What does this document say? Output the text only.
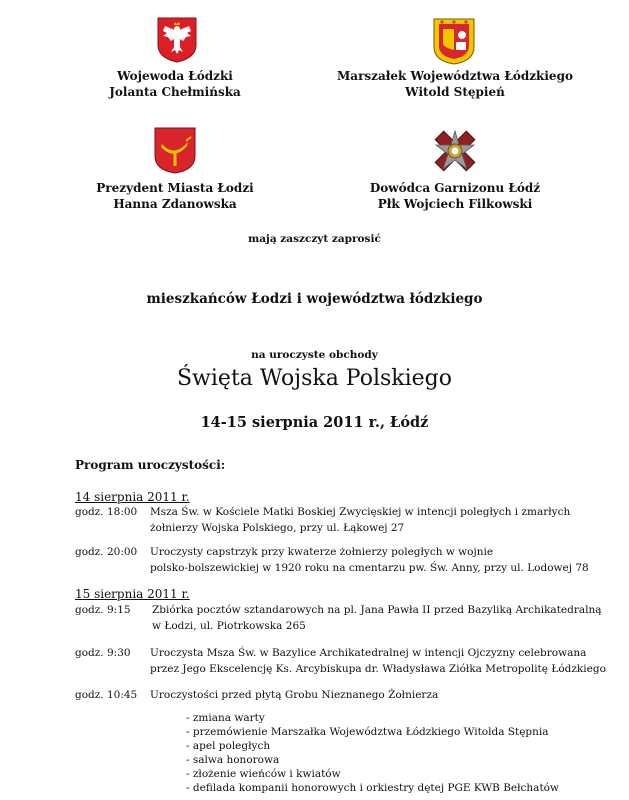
Wojewoda Łódzki
Jolanta Chełmińska
Marszałek Województwa Łódzkiego
Witold Stępień
Prezydent Miasta Łodzi
Hanna Zdanowska
Dowódca Garnizonu Łódź
Płk Wojciech Filkowski
mają zaszczyt zaprosić
mieszkańców Łodzi i województwa łódzkiego
na uroczyste obchody
Święta Wojska Polskiego
14-15 sierpnia 2011 r., Łódź
Program uroczystości:
14 sierpnia 2011 r.
godz. 18:00 Msza Św. w Kościele Matki Boskiej Zwycięskiej w intencji poległych i zmarłych
żołnierzy Wojska Polskiego, przy ul. Łąkowej 27
godz. 20:00 Uroczysty capstrzyk przy kwaterze żołnierzy poległych w wojnie
polsko-bolszewickiej w 1920 roku na cmentarzu pw. Św. Anny, przy ul. Lodowej 78
15 sierpnia 2011 r.
godz. 9:15 Zbiórka pocztów sztandarowych na pl. Jana Pawła II przed Bazyliką Archikatedralną
w Łodzi, ul. Piotrkowska 265
godz. 9:30 Uroczysta Msza Św. w Bazylice Archikatedralnej w intencji Ojczyzny celebrowana
przez Jego Ekscelencję Ks. Arcybiskupa dr. Władysława Ziółka Metropolitę Łódzkiego
godz. 10:45 Uroczystości przed płytą Grobu Nieznanego Żołnierza
- zmiana warty
- przemówienie Marszałka Województwa Łódzkiego Witolda Stępnia
- apel poległych
- salwa honorowa
- złożenie wieńców i kwiatów
- defilada kompanii honorowych i orkiestry dętej PGE KWB Bełchatów
